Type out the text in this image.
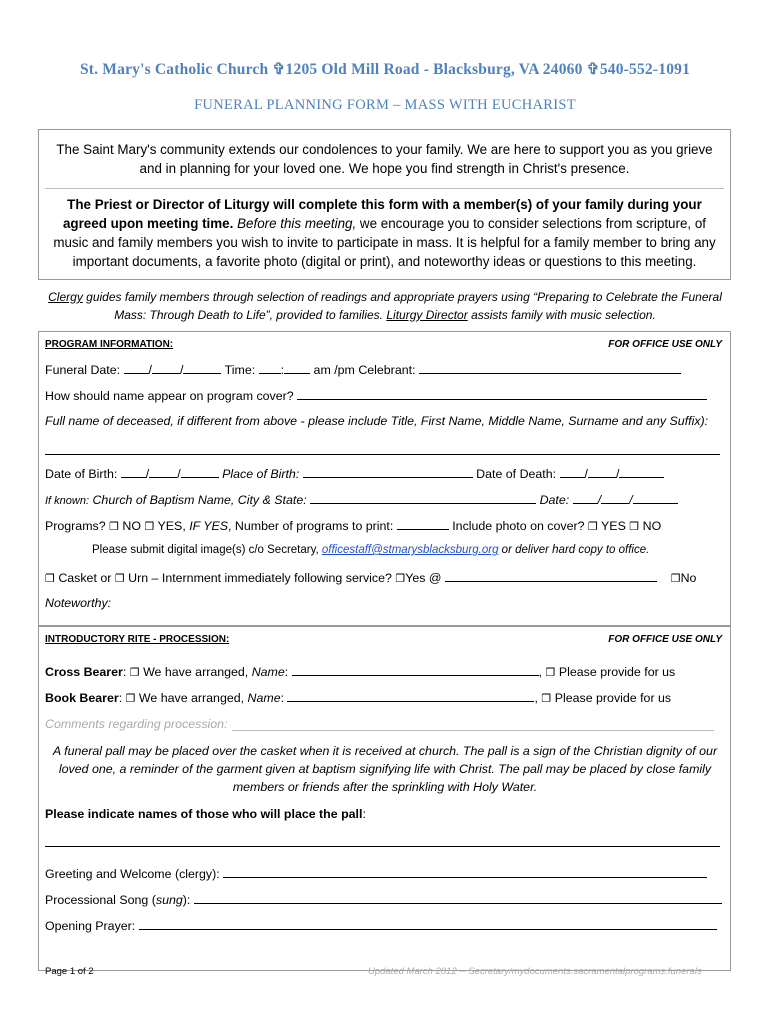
St. Mary's Catholic Church ✞1205 Old Mill Road - Blacksburg, VA 24060 ✞540-552-1091
FUNERAL PLANNING FORM – MASS WITH EUCHARIST
The Saint Mary's community extends our condolences to your family. We are here to support you as you grieve and in planning for your loved one. We hope you find strength in Christ's presence.
The Priest or Director of Liturgy will complete this form with a member(s) of your family during your agreed upon meeting time. Before this meeting, we encourage you to consider selections from scripture, of music and family members you wish to invite to participate in mass. It is helpful for a family member to bring any important documents, a favorite photo (digital or print), and noteworthy ideas or questions to this meeting.
Clergy guides family members through selection of readings and appropriate prayers using “Preparing to Celebrate the Funeral Mass: Through Death to Life”, provided to families. Liturgy Director assists family with music selection.
PROGRAM INFORMATION:	FOR OFFICE USE ONLY
Funeral Date: / /	Time: : am /pm Celebrant:
How should name appear on program cover?
Full name of deceased, if different from above - please include Title, First Name, Middle Name, Surname and any Suffix):
Date of Birth: / /	Place of Birth:	Date of Death: / /
If known: Church of Baptism Name, City & State:	Date: / /
Programs? ❐ NO ❐ YES, IF YES, Number of programs to print:	Include photo on cover? ❐ YES ❐ NO
Please submit digital image(s) c/o Secretary, officestaff@stmarysblacksburg.org or deliver hard copy to office.
❐ Casket or ❐ Urn – Internment immediately following service? ❐Yes @	❐No
Noteworthy:
INTRODUCTORY RITE - PROCESSION:	FOR OFFICE USE ONLY
Cross Bearer: ❐ We have arranged, Name:	, ❐ Please provide for us
Book Bearer: ❐ We have arranged, Name:	, ❐ Please provide for us
Comments regarding procession:
A funeral pall may be placed over the casket when it is received at church. The pall is a sign of the Christian dignity of our loved one, a reminder of the garment given at baptism signifying life with Christ. The pall may be placed by close family members or friends after the sprinkling with Holy Water.
Please indicate names of those who will place the pall:
Greeting and Welcome (clergy):
Processional Song (sung):
Opening Prayer:
Page 1 of 2	Updated March 2012 -- Secretary/mydocuments.sacramentalprograms.funerals
